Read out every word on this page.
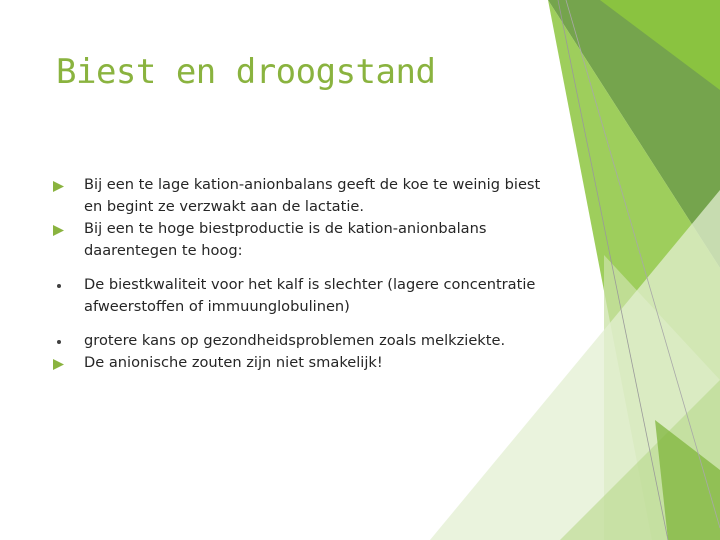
Biest en droogstand
Bij een te lage kation-anionbalans geeft de koe te weinig biest en begint ze verzwakt aan de lactatie.
Bij een te hoge biestproductie is de kation-anionbalans daarentegen te hoog:
De biestkwaliteit voor het kalf is slechter (lagere concentratie afweerstoffen of immuunglobulinen)
grotere kans op gezondheidsproblemen zoals melkziekte.
De anionische zouten zijn niet smakelijk!
